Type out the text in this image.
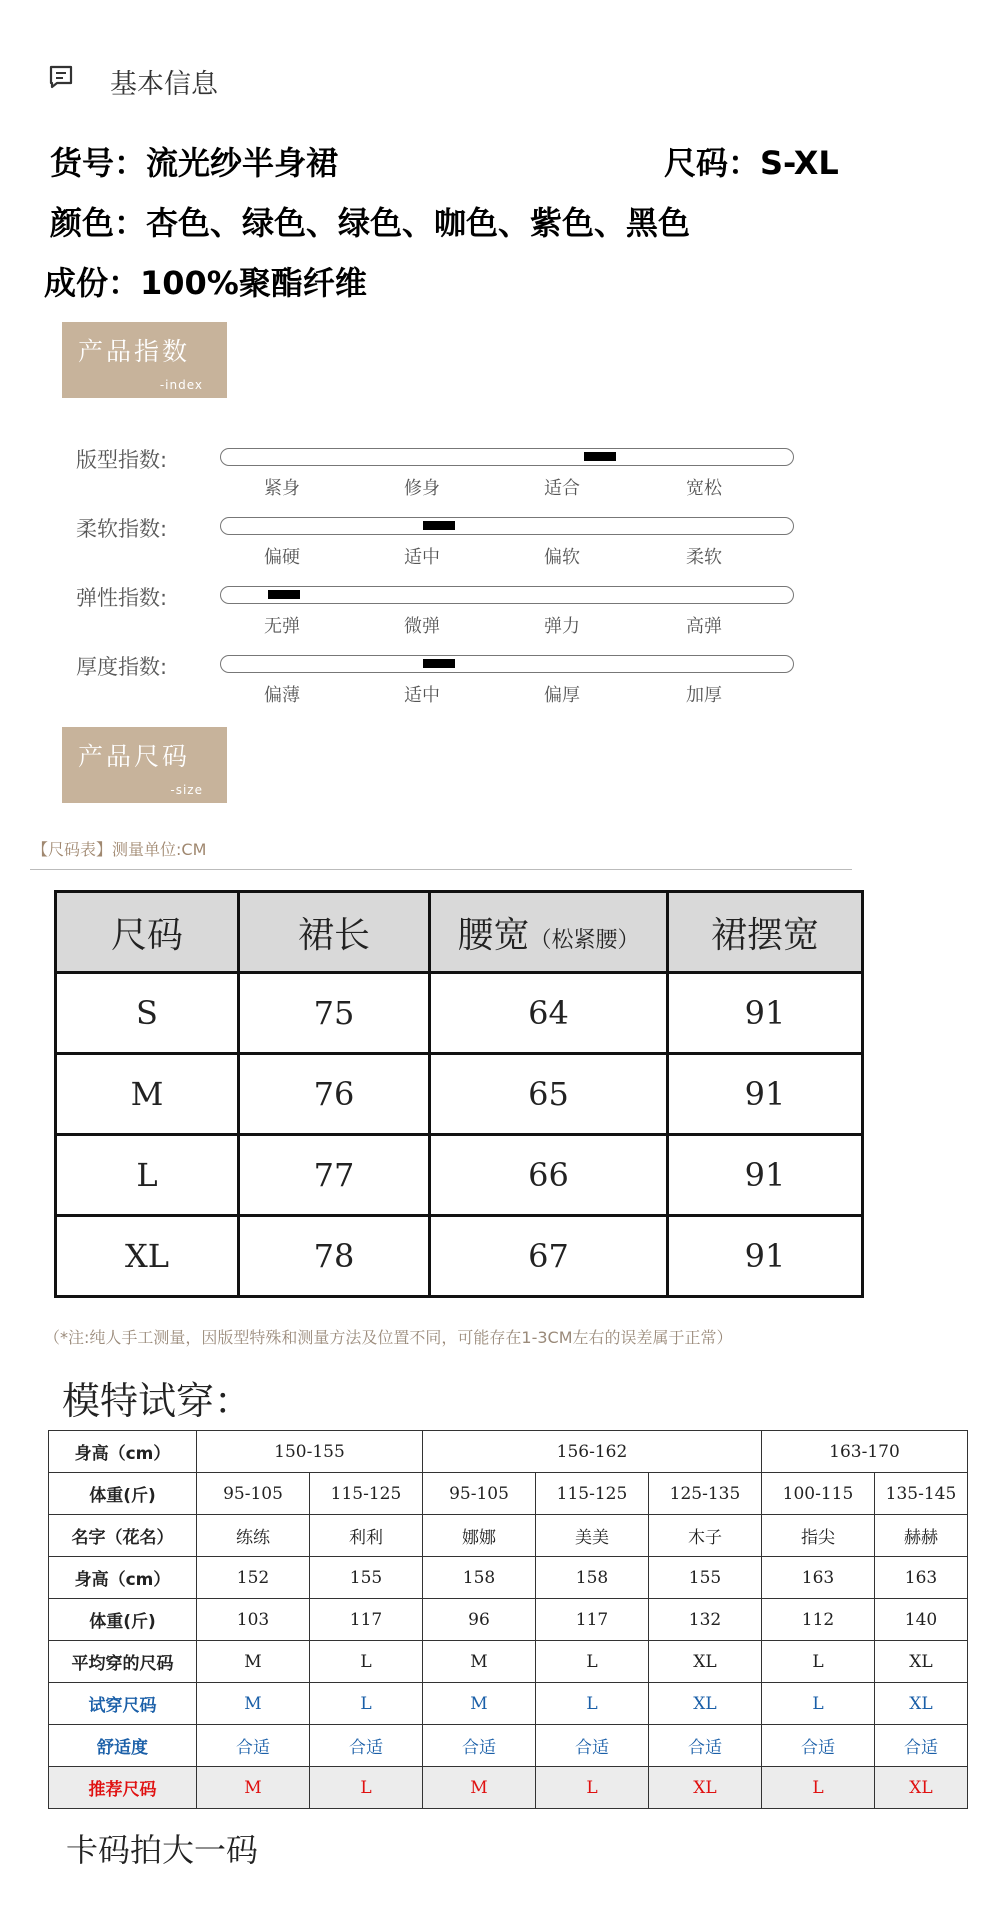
基本信息
货号：流光纱半身裙	尺码：S-XL
颜色：杏色、绿色、绿色、咖色、紫色、黑色
成份：100%聚酯纤维
产品指数
-index
版型指数:
紧身	修身	适合	宽松
柔软指数:
偏硬	适中	偏软	柔软
弹性指数:
无弹	微弹	弹力	高弹
厚度指数:
偏薄	适中	偏厚	加厚
产品尺码
-size
【尺码表】测量单位:CM
尺码	裙长	腰宽（松紧腰）	裙摆宽
S	75	64	91
M	76	65	91
L	77	66	91
XL	78	67	91
（*注:纯人手工测量，因版型特殊和测量方法及位置不同，可能存在1-3CM左右的误差属于正常）
模特试穿：
身高（cm）	150-155		156-162			163-170	
体重(斤)	95-105	115-125	95-105	115-125	125-135	100-115	135-145
名字（花名）	练练	利利	娜娜	美美	木子	指尖	赫赫
身高（cm）	152	155	158	158	155	163	163
体重(斤)	103	117	96	117	132	112	140
平均穿的尺码	M	L	M	L	XL	L	XL
试穿尺码	M	L	M	L	XL	L	XL
舒适度	合适	合适	合适	合适	合适	合适	合适
推荐尺码	M	L	M	L	XL	L	XL
卡码拍大一码
